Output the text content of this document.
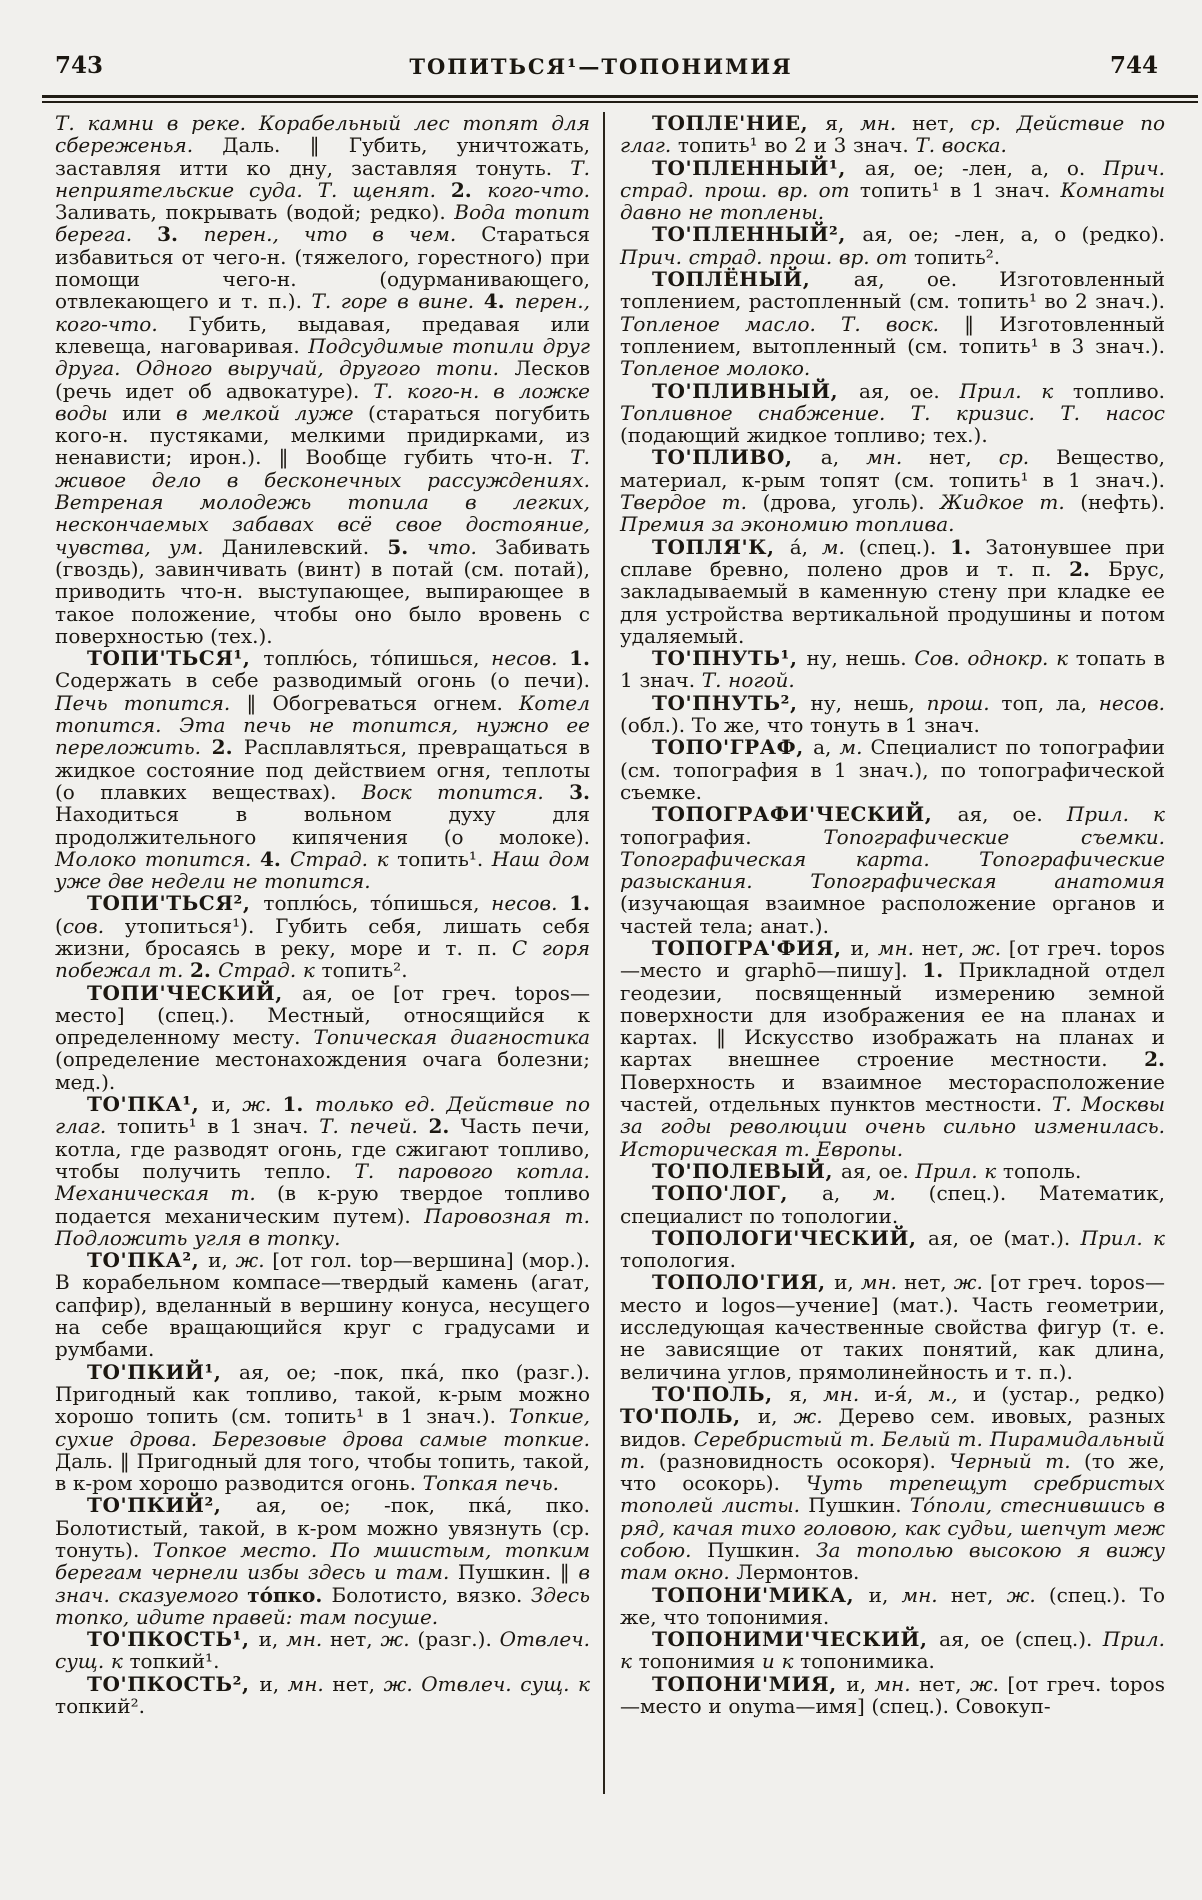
743	ТОПИТЬСЯ¹—ТОПОНИМИЯ	744

Т. камни в реке. Корабельный лес топят для сбереженья. Даль. ‖ Губить, уничтожать, заставляя итти ко дну, заставляя тонуть. Т. неприятельские суда. Т. щенят. 2. кого-что. Заливать, покрывать (водой; редко). Вода топит берега. 3. перен., что в чем. Стараться избавиться от чего-н. (тяжелого, горестного) при помощи чего-н. (одурманивающего, отвлекающего и т. п.). Т. горе в вине. 4. перен., кого-что. Губить, выдавая, предавая или клевеща, наговаривая. Подсудимые топили друг друга. Одного выручай, другого топи. Лесков (речь идет об адвокатуре). Т. кого-н. в ложке воды или в мелкой луже (стараться погубить кого-н. пустяками, мелкими придирками, из ненависти; ирон.). ‖ Вообще губить что-н. Т. живое дело в бесконечных рассуждениях. Ветреная молодежь топила в легких, нескончаемых забавах всё свое достояние, чувства, ум. Данилевский. 5. что. Забивать (гвоздь), завинчивать (винт) в потай (см. потай), приводить что-н. выступающее, выпирающее в такое положение, чтобы оно было вровень с поверхностью (тех.).

ТОПИ'ТЬСЯ¹, топлю́сь, то́пишься, несов. 1. Содержать в себе разводимый огонь (о печи). Печь топится. ‖ Обогреваться огнем. Котел топится. Эта печь не топится, нужно ее переложить. 2. Расплавляться, превращаться в жидкое состояние под действием огня, теплоты (о плавких веществах). Воск топится. 3. Находиться в вольном духу для продолжительного кипячения (о молоке). Молоко топится. 4. Страд. к топить¹. Наш дом уже две недели не топится.

ТОПИ'ТЬСЯ², топлю́сь, то́пишься, несов. 1. (сов. утопиться¹). Губить себя, лишать себя жизни, бросаясь в реку, море и т. п. С горя побежал т. 2. Страд. к топить².

ТОПИ'ЧЕСКИЙ, ая, ое [от греч. topos—место] (спец.). Местный, относящийся к определенному месту. Топическая диагностика (определение местонахождения очага болезни; мед.).

ТО'ПКА¹, и, ж. 1. только ед. Действие по глаг. топить¹ в 1 знач. Т. печей. 2. Часть печи, котла, где разводят огонь, где сжигают топливо, чтобы получить тепло. Т. парового котла. Механическая т. (в к-рую твердое топливо подается механическим путем). Паровозная т. Подложить угля в топку.

ТО'ПКА², и, ж. [от гол. top—вершина] (мор.). В корабельном компасе—твердый камень (агат, сапфир), вделанный в вершину конуса, несущего на себе вращающийся круг с градусами и румбами.

ТО'ПКИЙ¹, ая, ое; -пок, пка́, пко (разг.). Пригодный как топливо, такой, к-рым можно хорошо топить (см. топить¹ в 1 знач.). Топкие, сухие дрова. Березовые дрова самые топкие. Даль. ‖ Пригодный для того, чтобы топить, такой, в к-ром хорошо разводится огонь. Топкая печь.

ТО'ПКИЙ², ая, ое; -пок, пка́, пко. Болотистый, такой, в к-ром можно увязнуть (ср. тонуть). Топкое место. По мшистым, топким берегам чернели избы здесь и там. Пушкин. ‖ в знач. сказуемого то́пко. Болотисто, вязко. Здесь топко, идите правей: там посуше.

ТО'ПКОСТЬ¹, и, мн. нет, ж. (разг.). Отвлеч. сущ. к топкий¹.

ТО'ПКОСТЬ², и, мн. нет, ж. Отвлеч. сущ. к топкий².

ТОПЛЕ'НИЕ, я, мн. нет, ср. Действие по глаг. топить¹ во 2 и 3 знач. Т. воска.

ТО'ПЛЕННЫЙ¹, ая, ое; -лен, а, о. Прич. страд. прош. вр. от топить¹ в 1 знач. Комнаты давно не топлены.

ТО'ПЛЕННЫЙ², ая, ое; -лен, а, о (редко). Прич. страд. прош. вр. от топить².

ТОПЛЁНЫЙ, ая, ое. Изготовленный топлением, растопленный (см. топить¹ во 2 знач.). Топленое масло. Т. воск. ‖ Изготовленный топлением, вытопленный (см. топить¹ в 3 знач.). Топленое молоко.

ТО'ПЛИВНЫЙ, ая, ое. Прил. к топливо. Топливное снабжение. Т. кризис. Т. насос (подающий жидкое топливо; тех.).

ТО'ПЛИВО, а, мн. нет, ср. Вещество, материал, к-рым топят (см. топить¹ в 1 знач.). Твердое т. (дрова, уголь). Жидкое т. (нефть). Премия за экономию топлива.

ТОПЛЯ'К, а́, м. (спец.). 1. Затонувшее при сплаве бревно, полено дров и т. п. 2. Брус, закладываемый в каменную стену при кладке ее для устройства вертикальной продушины и потом удаляемый.

ТО'ПНУТЬ¹, ну, нешь. Сов. однокр. к топать в 1 знач. Т. ногой.

ТО'ПНУТЬ², ну, нешь, прош. топ, ла, несов. (обл.). То же, что тонуть в 1 знач.

ТОПО'ГРАФ, а, м. Специалист по топографии (см. топография в 1 знач.), по топографической съемке.

ТОПОГРАФИ'ЧЕСКИЙ, ая, ое. Прил. к топография. Топографические съемки. Топографическая карта. Топографические разыскания. Топографическая анатомия (изучающая взаимное расположение органов и частей тела; анат.).

ТОПОГРА'ФИЯ, и, мн. нет, ж. [от греч. topos—место и graphō—пишу]. 1. Прикладной отдел геодезии, посвященный измерению земной поверхности для изображения ее на планах и картах. ‖ Искусство изображать на планах и картах внешнее строение местности. 2. Поверхность и взаимное месторасположение частей, отдельных пунктов местности. Т. Москвы за годы революции очень сильно изменилась. Историческая т. Европы.

ТО'ПОЛЕВЫЙ, ая, ое. Прил. к тополь.

ТОПО'ЛОГ, а, м. (спец.). Математик, специалист по топологии.

ТОПОЛОГИ'ЧЕСКИЙ, ая, ое (мат.). Прил. к топология.

ТОПОЛО'ГИЯ, и, мн. нет, ж. [от греч. topos—место и logos—учение] (мат.). Часть геометрии, исследующая качественные свойства фигур (т. е. не зависящие от таких понятий, как длина, величина углов, прямолинейность и т. п.).

ТО'ПОЛЬ, я, мн. и-я́, м., и (устар., редко) ТО'ПОЛЬ, и, ж. Дерево сем. ивовых, разных видов. Серебристый т. Белый т. Пирамидальный т. (разновидность осокоря). Черный т. (то же, что осокорь). Чуть трепещут сребристых тополей листы. Пушкин. То́поли, стеснившись в ряд, качая тихо головою, как судьи, шепчут меж собою. Пушкин. За тополью высокою я вижу там окно. Лермонтов.

ТОПОНИ'МИКА, и, мн. нет, ж. (спец.). То же, что топонимия.

ТОПОНИМИ'ЧЕСКИЙ, ая, ое (спец.). Прил. к топонимия и к топонимика.

ТОПОНИ'МИЯ, и, мн. нет, ж. [от греч. topos—место и onyma—имя] (спец.). Совокуп-
